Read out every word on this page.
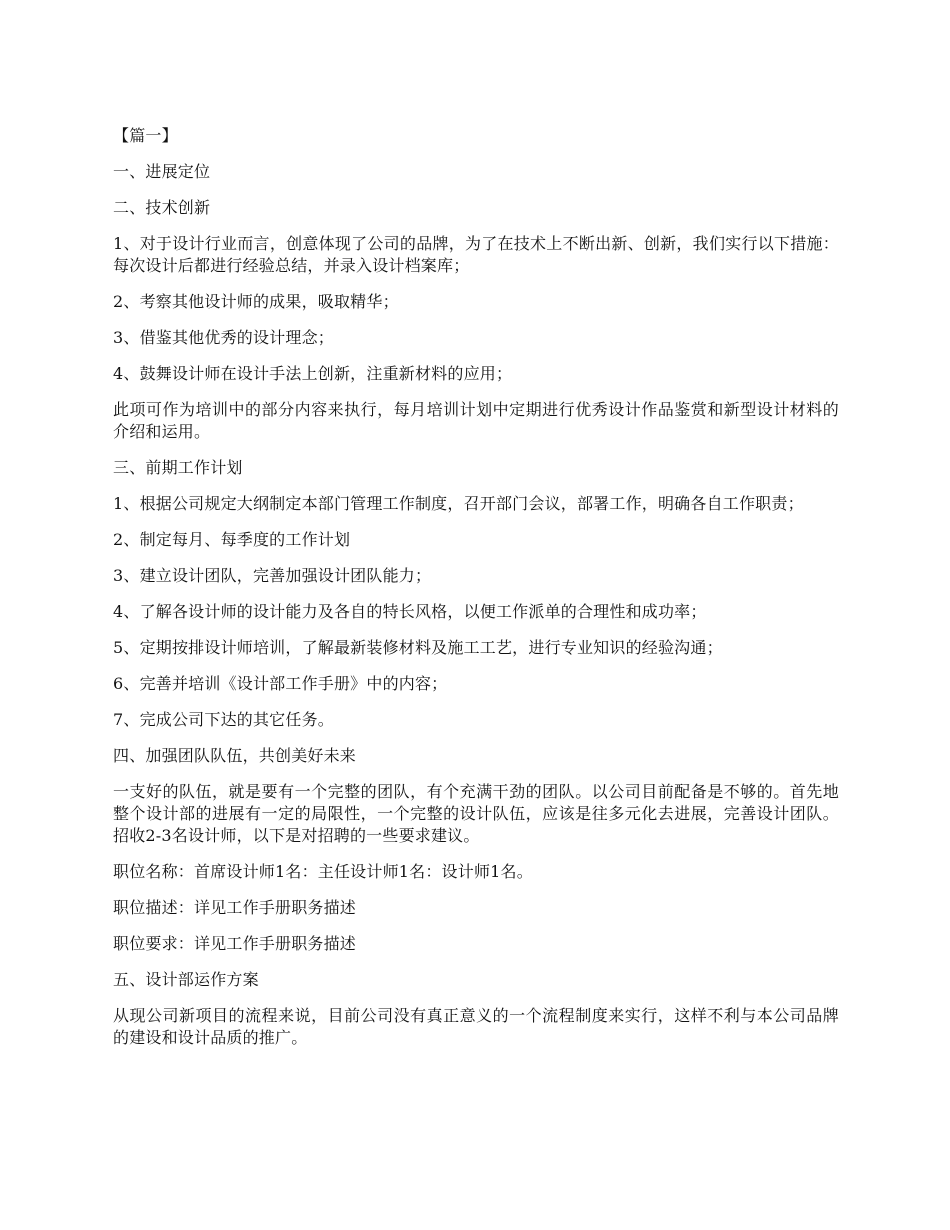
【篇一】

一、进展定位

二、技术创新

1、对于设计行业而言，创意体现了公司的品牌，为了在技术上不断出新、创新，我们实行以下措施：每次设计后都进行经验总结，并录入设计档案库；

2、考察其他设计师的成果，吸取精华；

3、借鉴其他优秀的设计理念；

4、鼓舞设计师在设计手法上创新，注重新材料的应用；

此项可作为培训中的部分内容来执行，每月培训计划中定期进行优秀设计作品鉴赏和新型设计材料的介绍和运用。

三、前期工作计划

1、根据公司规定大纲制定本部门管理工作制度，召开部门会议，部署工作，明确各自工作职责；

2、制定每月、每季度的工作计划

3、建立设计团队，完善加强设计团队能力；

4、了解各设计师的设计能力及各自的特长风格，以便工作派单的合理性和成功率；

5、定期按排设计师培训，了解最新装修材料及施工工艺，进行专业知识的经验沟通；

6、完善并培训《设计部工作手册》中的内容；

7、完成公司下达的其它任务。

四、加强团队队伍，共创美好未来

一支好的队伍，就是要有一个完整的团队，有个充满干劲的团队。以公司目前配备是不够的。首先地整个设计部的进展有一定的局限性，一个完整的设计队伍，应该是往多元化去进展，完善设计团队。招收2-3名设计师，以下是对招聘的一些要求建议。

职位名称：首席设计师1名：主任设计师1名：设计师1名。

职位描述：详见工作手册职务描述

职位要求：详见工作手册职务描述

五、设计部运作方案

从现公司新项目的流程来说，目前公司没有真正意义的一个流程制度来实行，这样不利与本公司品牌的建设和设计品质的推广。
